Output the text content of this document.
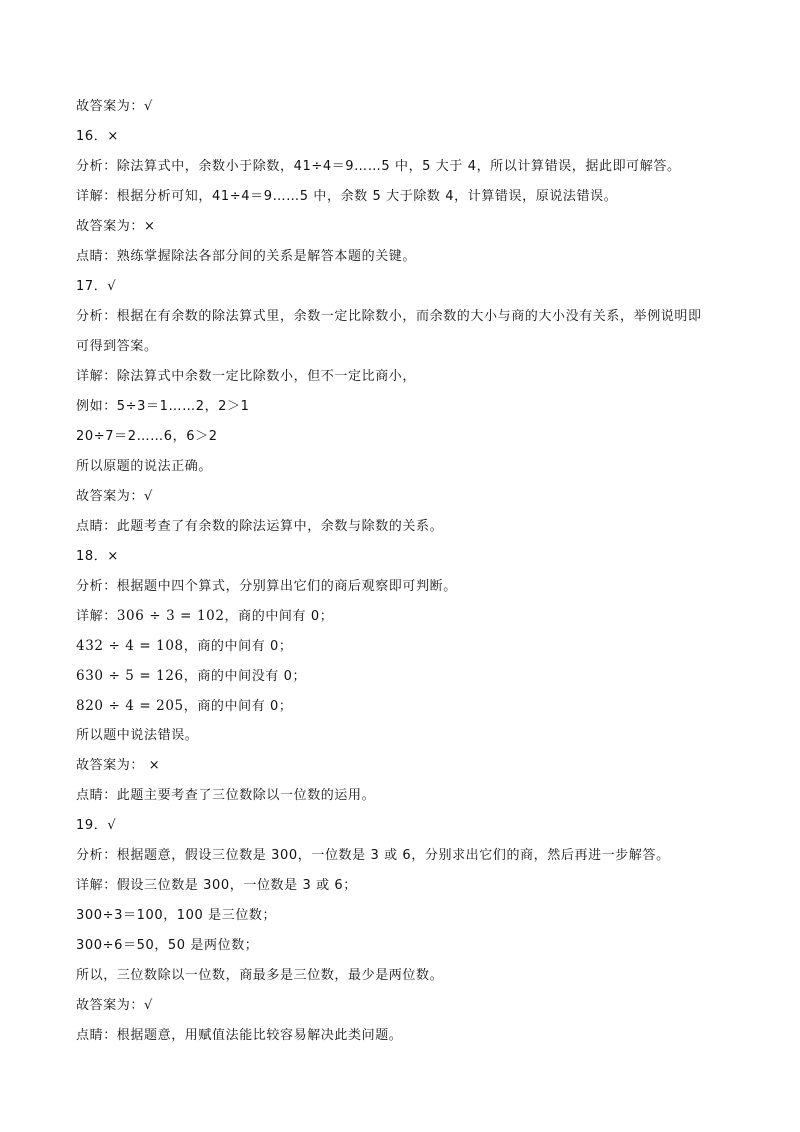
故答案为：√
16．×
分析：除法算式中，余数小于除数，41÷4＝9……5 中，5 大于 4，所以计算错误，据此即可解答。
详解：根据分析可知，41÷4＝9……5 中，余数 5 大于除数 4，计算错误，原说法错误。
故答案为：×
点睛：熟练掌握除法各部分间的关系是解答本题的关键。
17．√
分析：根据在有余数的除法算式里，余数一定比除数小，而余数的大小与商的大小没有关系，举例说明即
可得到答案。
详解：除法算式中余数一定比除数小，但不一定比商小，
例如：5÷3＝1……2，2＞1
20÷7＝2……6，6＞2
所以原题的说法正确。
故答案为：√
点睛：此题考查了有余数的除法运算中，余数与除数的关系。
18．×
分析：根据题中四个算式，分别算出它们的商后观察即可判断。
详解：306 ÷ 3 = 102，商的中间有 0；
432 ÷ 4 = 108，商的中间有 0；
630 ÷ 5 = 126，商的中间没有 0；
820 ÷ 4 = 205，商的中间有 0；
所以题中说法错误。
故答案为： ×
点睛：此题主要考查了三位数除以一位数的运用。
19．√
分析：根据题意，假设三位数是 300，一位数是 3 或 6，分别求出它们的商，然后再进一步解答。
详解：假设三位数是 300，一位数是 3 或 6；
300÷3＝100，100 是三位数；
300÷6＝50，50 是两位数；
所以，三位数除以一位数，商最多是三位数，最少是两位数。
故答案为：√
点睛：根据题意，用赋值法能比较容易解决此类问题。
